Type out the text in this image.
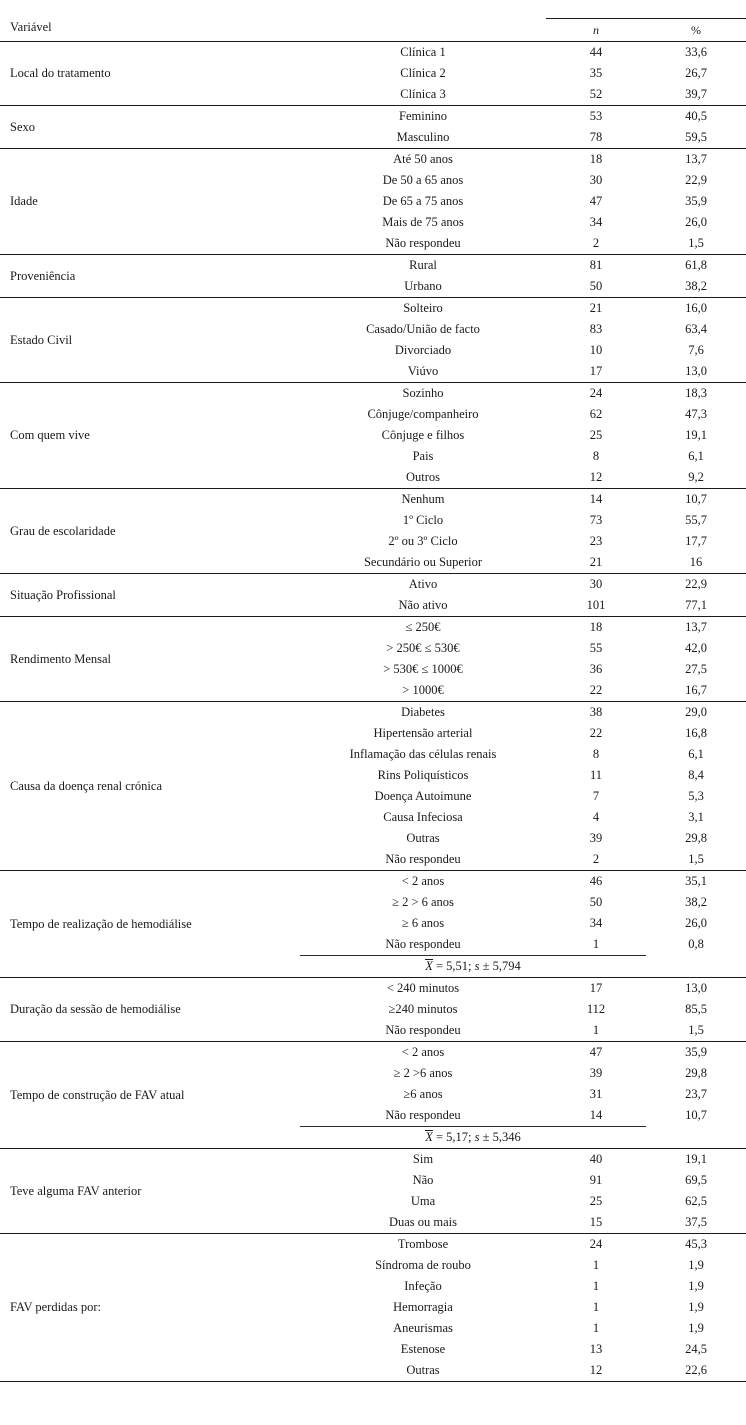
Variável		n	%

Local do tratamento	Clínica 1	44	33,6
	Clínica 2	35	26,7
	Clínica 3	52	39,7

Sexo	Feminino	53	40,5
	Masculino	78	59,5

Idade	Até 50 anos	18	13,7
	De 50 a 65 anos	30	22,9
	De 65 a 75 anos	47	35,9
	Mais de 75 anos	34	26,0
	Não respondeu	2	1,5

Proveniência	Rural	81	61,8
	Urbano	50	38,2

Estado Civil	Solteiro	21	16,0
	Casado/União de facto	83	63,4
	Divorciado	10	7,6
	Viúvo	17	13,0

Com quem vive	Sozinho	24	18,3
	Cônjuge/companheiro	62	47,3
	Cônjuge e filhos	25	19,1
	Pais	8	6,1
	Outros	12	9,2

Grau de escolaridade	Nenhum	14	10,7
	1º Ciclo	73	55,7
	2º ou 3º Ciclo	23	17,7
	Secundário ou Superior	21	16

Situação Profissional	Ativo	30	22,9
	Não ativo	101	77,1

Rendimento Mensal	≤ 250€	18	13,7
	> 250€ ≤ 530€	55	42,0
	> 530€ ≤ 1000€	36	27,5
	> 1000€	22	16,7

Causa da doença renal crónica	Diabetes	38	29,0
	Hipertensão arterial	22	16,8
	Inflamação das células renais	8	6,1
	Rins Poliquísticos	11	8,4
	Doença Autoimune	7	5,3
	Causa Infeciosa	4	3,1
	Outras	39	29,8
	Não respondeu	2	1,5

Tempo de realização de hemodiálise	< 2 anos	46	35,1
	≥ 2 > 6 anos	50	38,2
	≥ 6 anos	34	26,0
	Não respondeu	1	0,8
	X = 5,51; s ± 5,794		

Duração da sessão de hemodiálise	< 240 minutos	17	13,0
	≥240 minutos	112	85,5
	Não respondeu	1	1,5

Tempo de construção de FAV atual	< 2 anos	47	35,9
	≥ 2 >6 anos	39	29,8
	≥6 anos	31	23,7
	Não respondeu	14	10,7
	X = 5,17; s ± 5,346		

Teve alguma FAV anterior	Sim	40	19,1
	Não	91	69,5
	Uma	25	62,5
	Duas ou mais	15	37,5

FAV perdidas por:	Trombose	24	45,3
	Síndroma de roubo	1	1,9
	Infeção	1	1,9
	Hemorragia	1	1,9
	Aneurismas	1	1,9
	Estenose	13	24,5
	Outras	12	22,6
